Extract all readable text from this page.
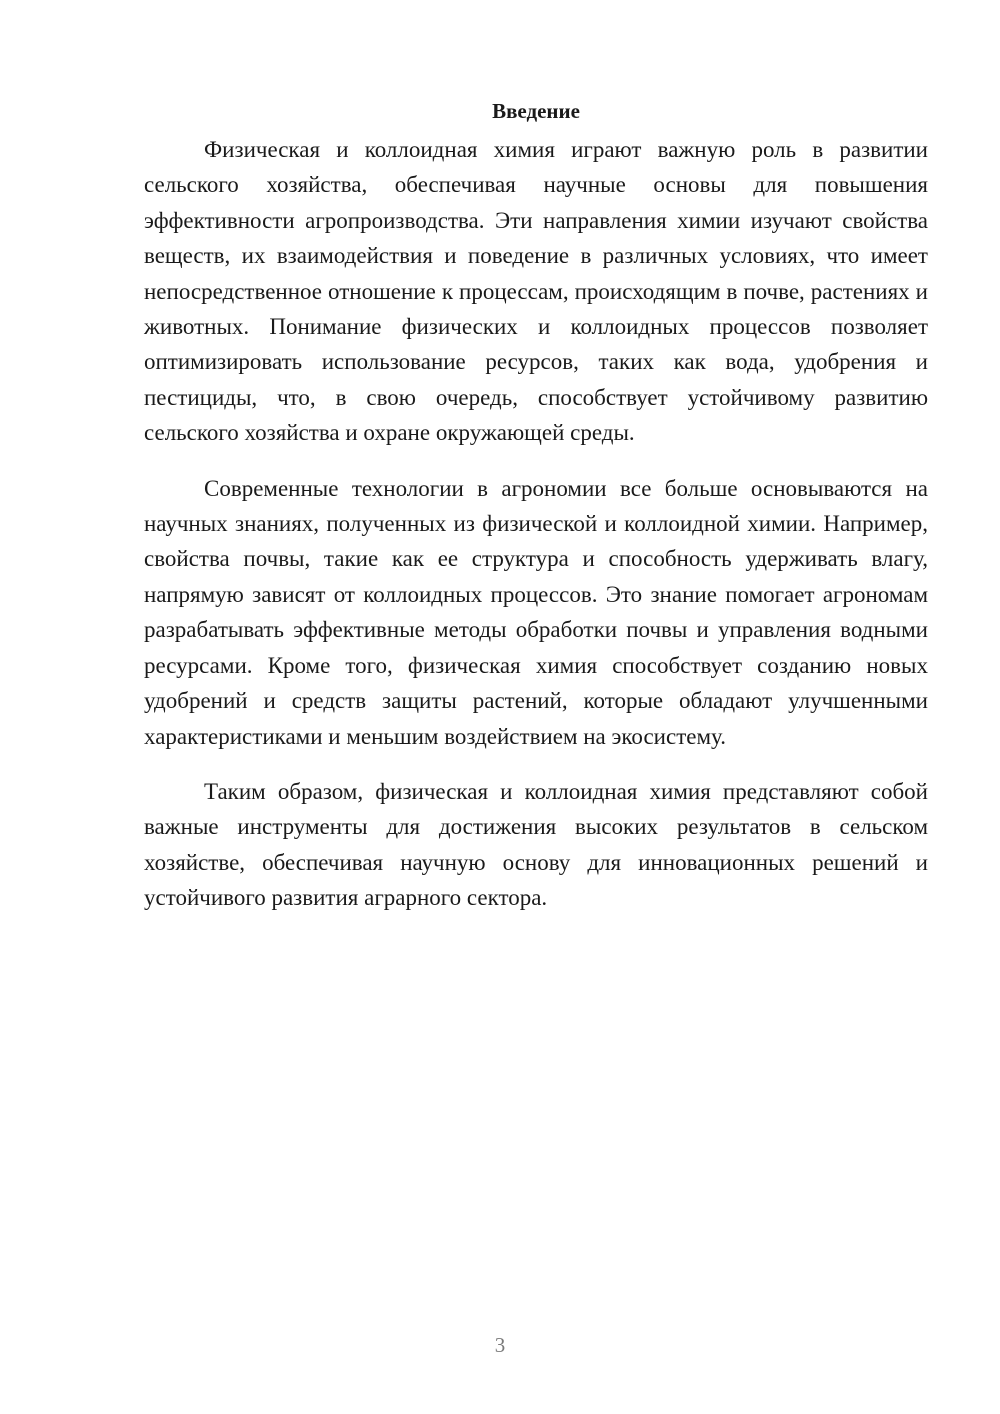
Введение

Физическая и коллоидная химия играют важную роль в развитии сельского хозяйства, обеспечивая научные основы для повышения эффективности агропроизводства. Эти направления химии изучают свойства веществ, их взаимодействия и поведение в различных условиях, что имеет непосредственное отношение к процессам, происходящим в почве, растениях и животных. Понимание физических и коллоидных процессов позволяет оптимизировать использование ресурсов, таких как вода, удобрения и пестициды, что, в свою очередь, способствует устойчивому развитию сельского хозяйства и охране окружающей среды.

Современные технологии в агрономии все больше основываются на научных знаниях, полученных из физической и коллоидной химии. Например, свойства почвы, такие как ее структура и способность удерживать влагу, напрямую зависят от коллоидных процессов. Это знание помогает агрономам разрабатывать эффективные методы обработки почвы и управления водными ресурсами. Кроме того, физическая химия способствует созданию новых удобрений и средств защиты растений, которые обладают улучшенными характеристиками и меньшим воздействием на экосистему.

Таким образом, физическая и коллоидная химия представляют собой важные инструменты для достижения высоких результатов в сельском хозяйстве, обеспечивая научную основу для инновационных решений и устойчивого развития аграрного сектора.

3
